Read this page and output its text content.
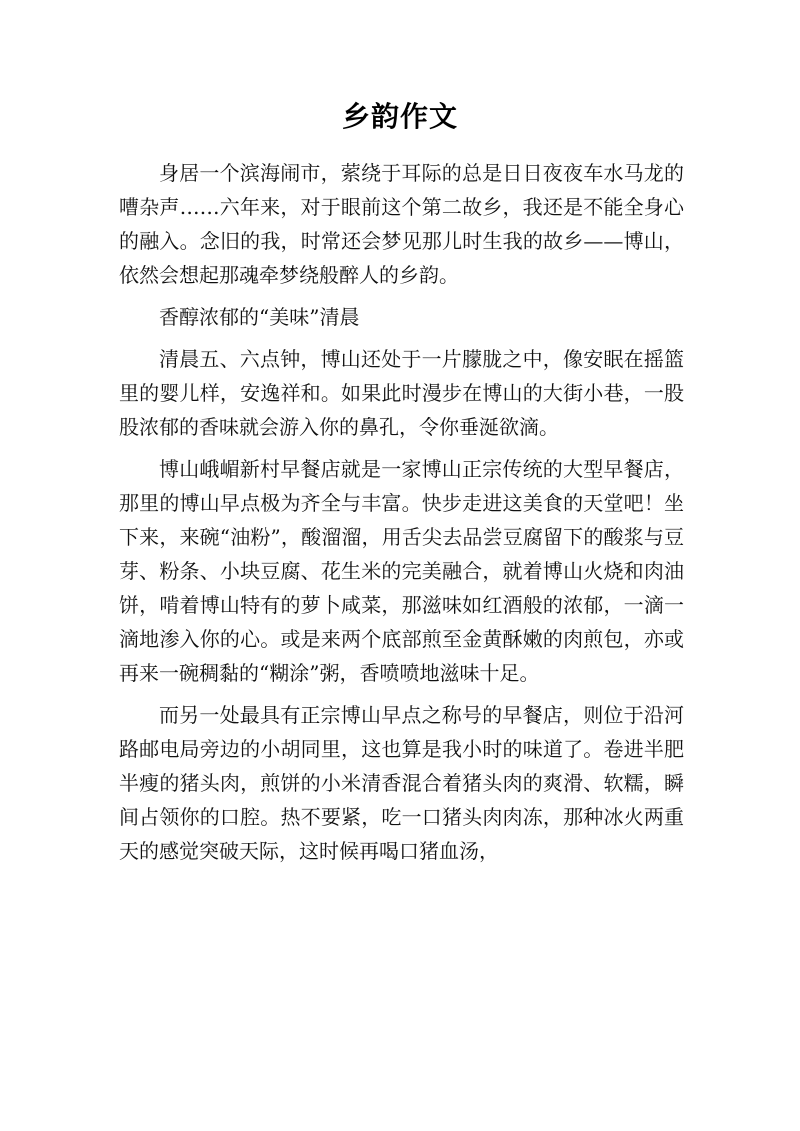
乡韵作文

身居一个滨海闹市，萦绕于耳际的总是日日夜夜车水马龙的嘈杂声……六年来，对于眼前这个第二故乡，我还是不能全身心的融入。念旧的我，时常还会梦见那儿时生我的故乡——博山，依然会想起那魂牵梦绕般醉人的乡韵。

香醇浓郁的“美味”清晨

清晨五、六点钟，博山还处于一片朦胧之中，像安眠在摇篮里的婴儿样，安逸祥和。如果此时漫步在博山的大街小巷，一股股浓郁的香味就会游入你的鼻孔，令你垂涎欲滴。

博山峨嵋新村早餐店就是一家博山正宗传统的大型早餐店，那里的博山早点极为齐全与丰富。快步走进这美食的天堂吧！坐下来，来碗“油粉”，酸溜溜，用舌尖去品尝豆腐留下的酸浆与豆芽、粉条、小块豆腐、花生米的完美融合，就着博山火烧和肉油饼，啃着博山特有的萝卜咸菜，那滋味如红酒般的浓郁，一滴一滴地渗入你的心。或是来两个底部煎至金黄酥嫩的肉煎包，亦或再来一碗稠黏的“糊涂”粥，香喷喷地滋味十足。

而另一处最具有正宗博山早点之称号的早餐店，则位于沿河路邮电局旁边的小胡同里，这也算是我小时的味道了。卷进半肥半瘦的猪头肉，煎饼的小米清香混合着猪头肉的爽滑、软糯，瞬间占领你的口腔。热不要紧，吃一口猪头肉肉冻，那种冰火两重天的感觉突破天际，这时候再喝口猪血汤，
